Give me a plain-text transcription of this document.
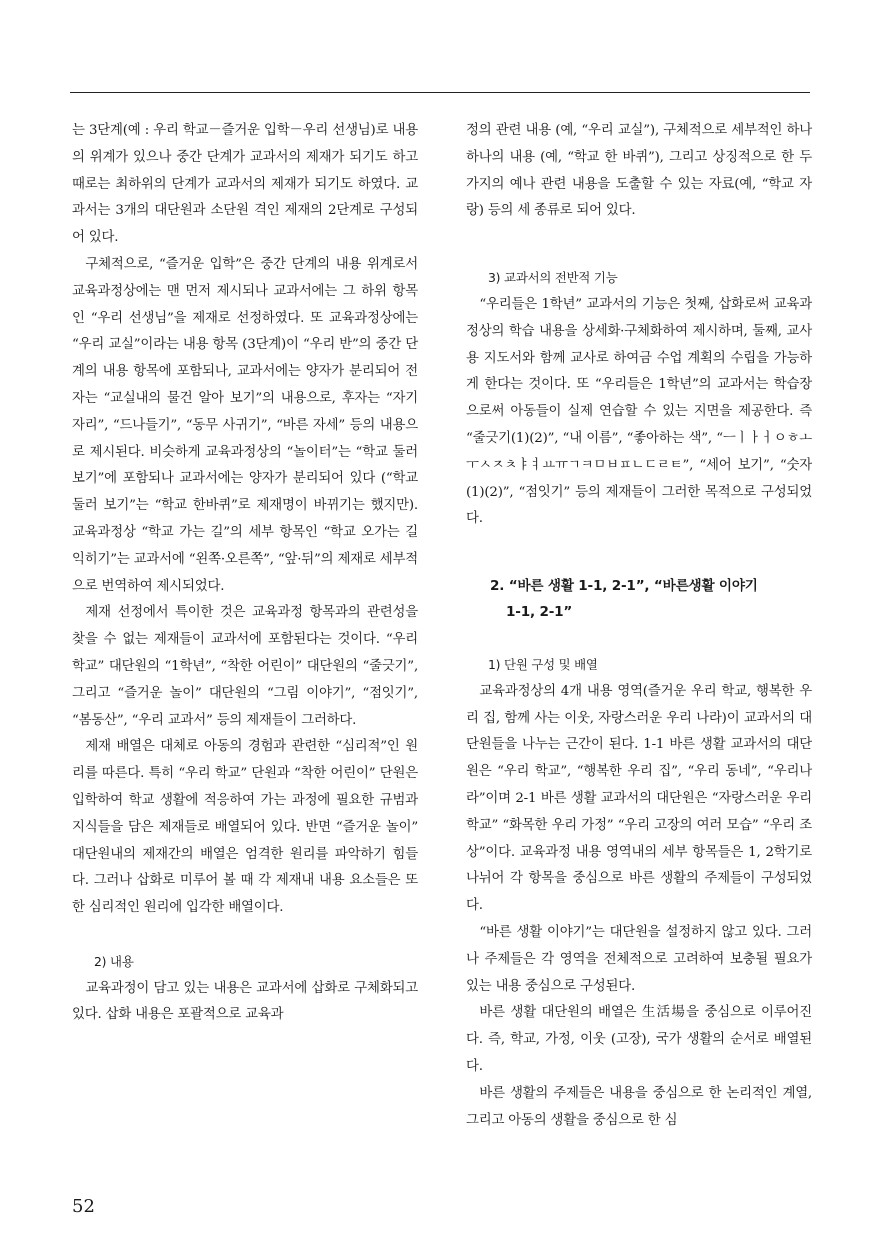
는 3단계(예 : 우리 학교－즐거운 입학－우리 선생님)로 내용의 위계가 있으나 중간 단계가 교과서의 제재가 되기도 하고 때로는 최하위의 단계가 교과서의 제재가 되기도 하였다. 교과서는 3개의 대단원과 소단원 격인 제재의 2단계로 구성되어 있다.

구체적으로, “즐거운 입학”은 중간 단계의 내용 위계로서 교육과정상에는 맨 먼저 제시되나 교과서에는 그 하위 항목인 “우리 선생님”을 제재로 선정하였다. 또 교육과정상에는 “우리 교실”이라는 내용 항목 (3단계)이 “우리 반”의 중간 단계의 내용 항목에 포함되나, 교과서에는 양자가 분리되어 전자는 “교실내의 물건 알아 보기”의 내용으로, 후자는 “자기 자리”, “드나들기”, “동무 사귀기”, “바른 자세” 등의 내용으로 제시된다. 비슷하게 교육과정상의 “놀이터”는 “학교 둘러 보기”에 포함되나 교과서에는 양자가 분리되어 있다 (“학교 둘러 보기”는 “학교 한바퀴”로 제재명이 바뀌기는 했지만). 교육과정상 “학교 가는 길”의 세부 항목인 “학교 오가는 길 익히기”는 교과서에 “왼쪽·오른쪽”, “앞·뒤”의 제재로 세부적으로 번역하여 제시되었다.

제재 선정에서 특이한 것은 교육과정 항목과의 관련성을 찾을 수 없는 제재들이 교과서에 포함된다는 것이다. “우리 학교” 대단원의 “1학년”, “착한 어린이” 대단원의 “줄긋기”, 그리고 “즐거운 놀이” 대단원의 “그림 이야기”, “점잇기”, “봄동산”, “우리 교과서” 등의 제재들이 그러하다.

제재 배열은 대체로 아동의 경험과 관련한 “심리적”인 원리를 따른다. 특히 “우리 학교” 단원과 “착한 어린이” 단원은 입학하여 학교 생활에 적응하여 가는 과정에 필요한 규범과 지식들을 담은 제재들로 배열되어 있다. 반면 “즐거운 놀이” 대단원내의 제재간의 배열은 엄격한 원리를 파악하기 힘들다. 그러나 삽화로 미루어 볼 때 각 제재내 내용 요소들은 또한 심리적인 원리에 입각한 배열이다.

2) 내용

교육과정이 담고 있는 내용은 교과서에 삽화로 구체화되고 있다. 삽화 내용은 포괄적으로 교육과

정의 관련 내용 (예, “우리 교실”), 구체적으로 세부적인 하나 하나의 내용 (예, “학교 한 바퀴”), 그리고 상징적으로 한 두 가지의 예나 관련 내용을 도출할 수 있는 자료(예, “학교 자랑) 등의 세 종류로 되어 있다.

3) 교과서의 전반적 기능

“우리들은 1학년” 교과서의 기능은 첫째, 삽화로써 교육과정상의 학습 내용을 상세화·구체화하여 제시하며, 둘째, 교사용 지도서와 함께 교사로 하여금 수업 계획의 수립을 가능하게 한다는 것이다. 또 “우리들은 1학년”의 교과서는 학습장으로써 아동들이 실제 연습할 수 있는 지면을 제공한다. 즉 “줄긋기(1)(2)”, “내 이름”, “좋아하는 색”, “ㅡㅣㅏㅓㅇㅎㅗㅜㅅㅈㅊㅑㅕㅛㅠㄱㅋㅁㅂㅍㄴㄷㄹㅌ”, “세어 보기”, “숫자(1)(2)”, “점잇기” 등의 제재들이 그러한 목적으로 구성되었다.

2. “바른 생활 1-1, 2-1”, “바른생활 이야기
1-1, 2-1”
1) 단원 구성 및 배열

교육과정상의 4개 내용 영역(즐거운 우리 학교, 행복한 우리 집, 함께 사는 이웃, 자랑스러운 우리 나라)이 교과서의 대단원들을 나누는 근간이 된다. 1-1 바른 생활 교과서의 대단원은 “우리 학교”, “행복한 우리 집”, “우리 동네”, “우리나라”이며 2-1 바른 생활 교과서의 대단원은 “자랑스러운 우리 학교” “화목한 우리 가정” “우리 고장의 여러 모습” “우리 조상”이다. 교육과정 내용 영역내의 세부 항목들은 1, 2학기로 나뉘어 각 항목을 중심으로 바른 생활의 주제들이 구성되었다.

“바른 생활 이야기”는 대단원을 설정하지 않고 있다. 그러나 주제들은 각 영역을 전체적으로 고려하여 보충될 필요가 있는 내용 중심으로 구성된다.

바른 생활 대단원의 배열은 生活場을 중심으로 이루어진다. 즉, 학교, 가정, 이웃 (고장), 국가 생활의 순서로 배열된다.

바른 생활의 주제들은 내용을 중심으로 한 논리적인 계열, 그리고 아동의 생활을 중심으로 한 심

52
